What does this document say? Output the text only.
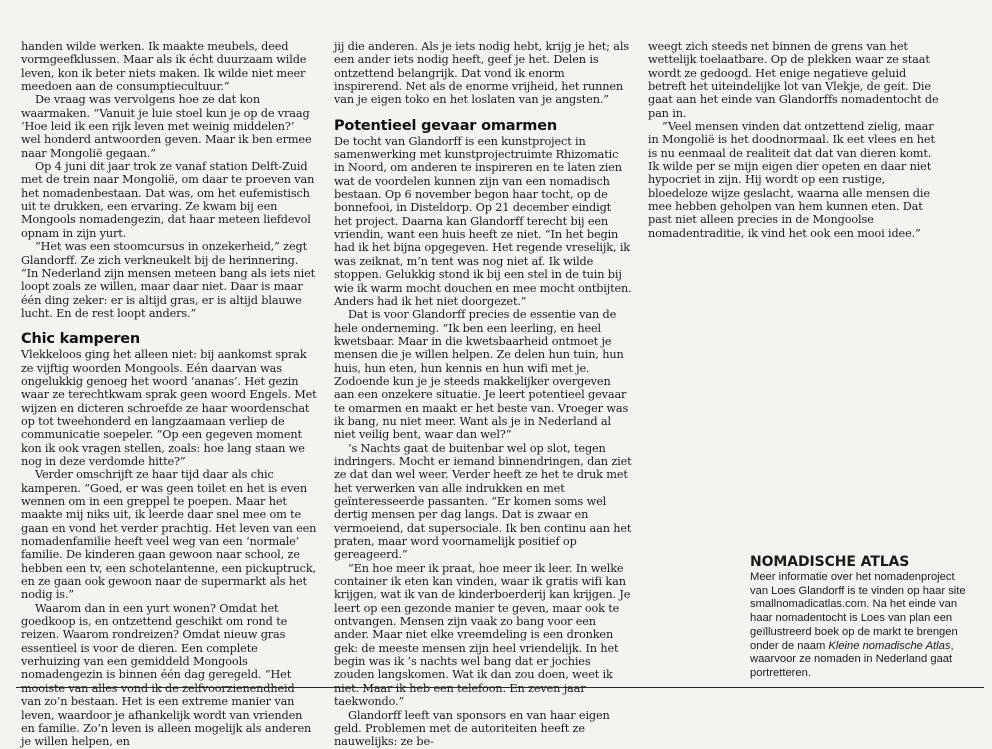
handen wilde werken. Ik maakte meubels, deed vormgeefklussen. Maar als ik écht duurzaam wilde leven, kon ik beter niets maken. Ik wilde niet meer meedoen aan de consumptiecultuur.”

De vraag was vervolgens hoe ze dat kon waarmaken. “Vanuit je luie stoel kun je op de vraag ‘Hoe leid ik een rijk leven met weinig middelen?’ wel honderd antwoorden geven. Maar ik ben ermee naar Mongolië gegaan.”

Op 4 juni dit jaar trok ze vanaf station Delft-Zuid met de trein naar Mongolië, om daar te proeven van het nomadenbestaan. Dat was, om het eufemistisch uit te drukken, een ervaring. Ze kwam bij een Mongools nomadengezin, dat haar meteen liefdevol opnam in zijn yurt.

“Het was een stoomcursus in onzekerheid,” zegt Glandorff. Ze zich verkneukelt bij de herinnering. “In Nederland zijn mensen meteen bang als iets niet loopt zoals ze willen, maar daar niet. Daar is maar één ding zeker: er is altijd gras, er is altijd blauwe lucht. En de rest loopt anders.”

Chic kamperen

Vlekkeloos ging het alleen niet: bij aankomst sprak ze vijftig woorden Mongools. Eén daarvan was ongelukkig genoeg het woord ‘ananas’. Het gezin waar ze terechtkwam sprak geen woord Engels. Met wijzen en dicteren schroefde ze haar woordenschat op tot tweehonderd en langzaamaan verliep de communicatie soepeler. “Op een gegeven moment kon ik ook vragen stellen, zoals: hoe lang staan we nog in deze verdomde hitte?”

Verder omschrijft ze haar tijd daar als chic kamperen. “Goed, er was geen toilet en het is even wennen om in een greppel te poepen. Maar het maakte mij niks uit, ik leerde daar snel mee om te gaan en vond het verder prachtig. Het leven van een nomadenfamilie heeft veel weg van een ‘normale’ familie. De kinderen gaan gewoon naar school, ze hebben een tv, een schotelantenne, een pickuptruck, en ze gaan ook gewoon naar de supermarkt als het nodig is.”

Waarom dan in een yurt wonen? Omdat het goedkoop is, en ontzettend geschikt om rond te reizen. Waarom rondreizen? Omdat nieuw gras essentieel is voor de dieren. Een complete verhuizing van een gemiddeld Mongools nomadengezin is binnen één dag geregeld. “Het mooiste van alles vond ik de zelfvoorzienendheid van zo’n bestaan. Het is een extreme manier van leven, waardoor je afhankelijk wordt van vrienden en familie. Zo’n leven is alleen mogelijk als anderen je willen helpen, en

jij die anderen. Als je iets nodig hebt, krijg je het; als een ander iets nodig heeft, geef je het. Delen is ontzettend belangrijk. Dat vond ik enorm inspirerend. Net als de enorme vrijheid, het runnen van je eigen toko en het loslaten van je angsten.”

Potentieel gevaar omarmen

De tocht van Glandorff is een kunstproject in samenwerking met kunstprojectruimte Rhizomatic in Noord, om anderen te inspireren en te laten zien wat de voordelen kunnen zijn van een nomadisch bestaan. Op 6 november begon haar tocht, op de bonnefooi, in Disteldorp. Op 21 december eindigt het project. Daarna kan Glandorff terecht bij een vriendin, want een huis heeft ze niet. “In het begin had ik het bijna opgegeven. Het regende vreselijk, ik was zeiknat, m’n tent was nog niet af. Ik wilde stoppen. Gelukkig stond ik bij een stel in de tuin bij wie ik warm mocht douchen en mee mocht ontbijten. Anders had ik het niet doorgezet.”

Dat is voor Glandorff precies de essentie van de hele onderneming. “Ik ben een leerling, en heel kwetsbaar. Maar in die kwetsbaarheid ontmoet je mensen die je willen helpen. Ze delen hun tuin, hun huis, hun eten, hun kennis en hun wifi met je. Zodoende kun je je steeds makkelijker overgeven aan een onzekere situatie. Je leert potentieel gevaar te omarmen en maakt er het beste van. Vroeger was ik bang, nu niet meer. Want als je in Nederland al niet veilig bent, waar dan wel?”

’s Nachts gaat de buitenbar wel op slot, tegen indringers. Mocht er iemand binnendringen, dan ziet ze dat dan wel weer. Verder heeft ze het te druk met het verwerken van alle indrukken en met geïnteresseerde passanten. “Er komen soms wel dertig mensen per dag langs. Dat is zwaar en vermoeiend, dat supersociale. Ik ben continu aan het praten, maar word voornamelijk positief op gereageerd.”

“En hoe meer ik praat, hoe meer ik leer. In welke container ik eten kan vinden, waar ik gratis wifi kan krijgen, wat ik van de kinderboerderij kan krijgen. Je leert op een gezonde manier te geven, maar ook te ontvangen. Mensen zijn vaak zo bang voor een ander. Maar niet elke vreemdeling is een dronken gek: de meeste mensen zijn heel vriendelijk. In het begin was ik ’s nachts wel bang dat er jochies zouden langskomen. Wat ik dan zou doen, weet ik niet. Maar ik heb een telefoon. En zeven jaar taekwondo.”

Glandorff leeft van sponsors en van haar eigen geld. Problemen met de autoriteiten heeft ze nauwelijks: ze be-

weegt zich steeds net binnen de grens van het wettelijk toelaatbare. Op de plekken waar ze staat wordt ze gedoogd. Het enige negatieve geluid betreft het uiteindelijke lot van Vlekje, de geit. Die gaat aan het einde van Glandorffs nomadentocht de pan in.

“Veel mensen vinden dat ontzettend zielig, maar in Mongolië is het doodnormaal. Ik eet vlees en het is nu eenmaal de realiteit dat dat van dieren komt. Ik wilde per se mijn eigen dier opeten en daar niet hypocriet in zijn. Hij wordt op een rustige, bloedeloze wijze geslacht, waarna alle mensen die mee hebben geholpen van hem kunnen eten. Dat past niet alleen precies in de Mongoolse nomadentraditie, ik vind het ook een mooi idee.”

NOMADISCHE ATLAS

Meer informatie over het nomadenproject van Loes Glandorff is te vinden op haar site smallnomadicatlas.com. Na het einde van haar nomadentocht is Loes van plan een geïllustreerd boek op de markt te brengen onder de naam Kleine nomadische Atlas, waarvoor ze nomaden in Nederland gaat portretteren.
